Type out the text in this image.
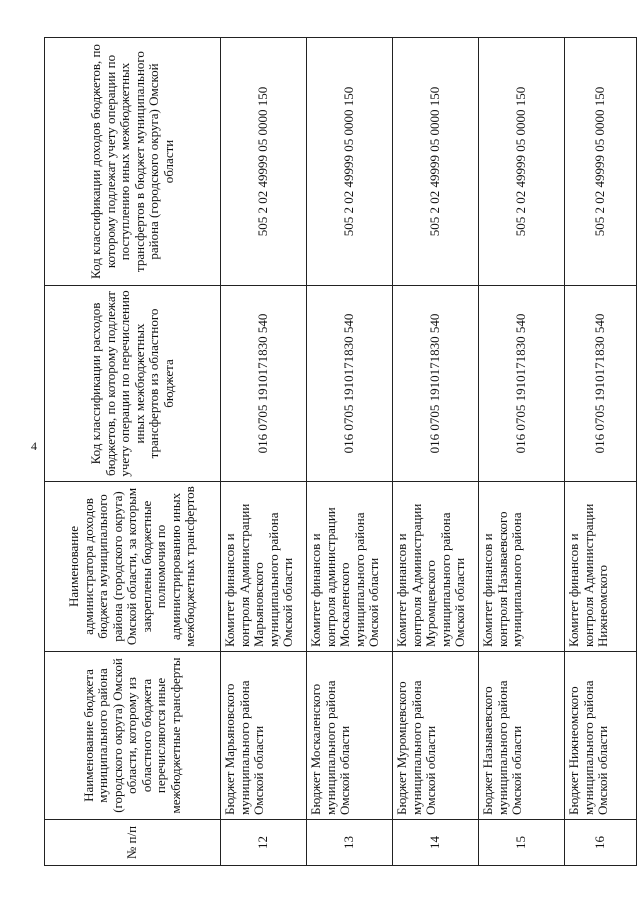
4
№ п/п	Наименование бюджета муниципального района (городского округа) Омской области, которому из областного бюджета перечисляются иные межбюджетные трансферты	Наименование администратора доходов бюджета муниципального района (городского округа) Омской области, за которым закреплены бюджетные полномочия по администрированию иных межбюджетных трансфертов	Код классификации расходов бюджетов, по которому подлежат учету операции по перечислению иных межбюджетных трансфертов из областного бюджета	Код классификации доходов бюджетов, по которому подлежат учету операции по поступлению иных межбюджетных трансфертов в бюджет муниципального района (городского округа) Омской области
12	Бюджет Марьяновского муниципального района Омской области	Комитет финансов и контроля Администрации Марьяновского муниципального района Омской области	016 0705 1910171830 540	505 2 02 49999 05 0000 150
13	Бюджет Москаленского муниципального района Омской области	Комитет финансов и контроля администрации Москаленского муниципального района Омской области	016 0705 1910171830 540	505 2 02 49999 05 0000 150
14	Бюджет Муромцевского муниципального района Омской области	Комитет финансов и контроля Администрации Муромцевского муниципального района Омской области	016 0705 1910171830 540	505 2 02 49999 05 0000 150
15	Бюджет Называевского муниципального района Омской области	Комитет финансов и контроля Называевского муниципального района	016 0705 1910171830 540	505 2 02 49999 05 0000 150
16	Бюджет Нижнеомского муниципального района Омской области	Комитет финансов и контроля Администрации Нижнеомского	016 0705 1910171830 540	505 2 02 49999 05 0000 150
